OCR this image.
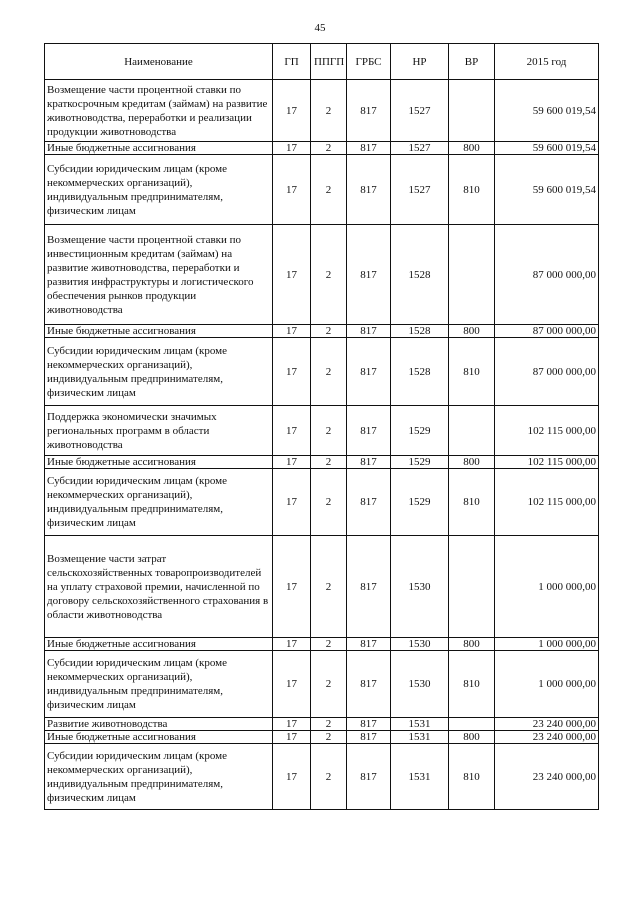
45
Наименование	ГП	ППГП	ГРБС	НР	ВР	2015 год
Возмещение части процентной ставки по краткосрочным кредитам (займам) на развитие животноводства, переработки и реализации продукции животноводства	17	2	817	1527		59 600 019,54
Иные бюджетные ассигнования	17	2	817	1527	800	59 600 019,54
Субсидии юридическим лицам (кроме некоммерческих организаций), индивидуальным предпринимателям, физическим лицам	17	2	817	1527	810	59 600 019,54
Возмещение части процентной ставки по инвестиционным кредитам (займам) на развитие животноводства, переработки и развития инфраструктуры и логистического обеспечения рынков продукции животноводства	17	2	817	1528		87 000 000,00
Иные бюджетные ассигнования	17	2	817	1528	800	87 000 000,00
Субсидии юридическим лицам (кроме некоммерческих организаций), индивидуальным предпринимателям, физическим лицам	17	2	817	1528	810	87 000 000,00
Поддержка экономически значимых региональных программ в области животноводства	17	2	817	1529		102 115 000,00
Иные бюджетные ассигнования	17	2	817	1529	800	102 115 000,00
Субсидии юридическим лицам (кроме некоммерческих организаций), индивидуальным предпринимателям, физическим лицам	17	2	817	1529	810	102 115 000,00
Возмещение части затрат сельскохозяйственных товаропроизводителей на уплату страховой премии, начисленной по договору сельскохозяйственного страхования в области животноводства	17	2	817	1530		1 000 000,00
Иные бюджетные ассигнования	17	2	817	1530	800	1 000 000,00
Субсидии юридическим лицам (кроме некоммерческих организаций), индивидуальным предпринимателям, физическим лицам	17	2	817	1530	810	1 000 000,00
Развитие животноводства	17	2	817	1531		23 240 000,00
Иные бюджетные ассигнования	17	2	817	1531	800	23 240 000,00
Субсидии юридическим лицам (кроме некоммерческих организаций), индивидуальным предпринимателям, физическим лицам	17	2	817	1531	810	23 240 000,00
